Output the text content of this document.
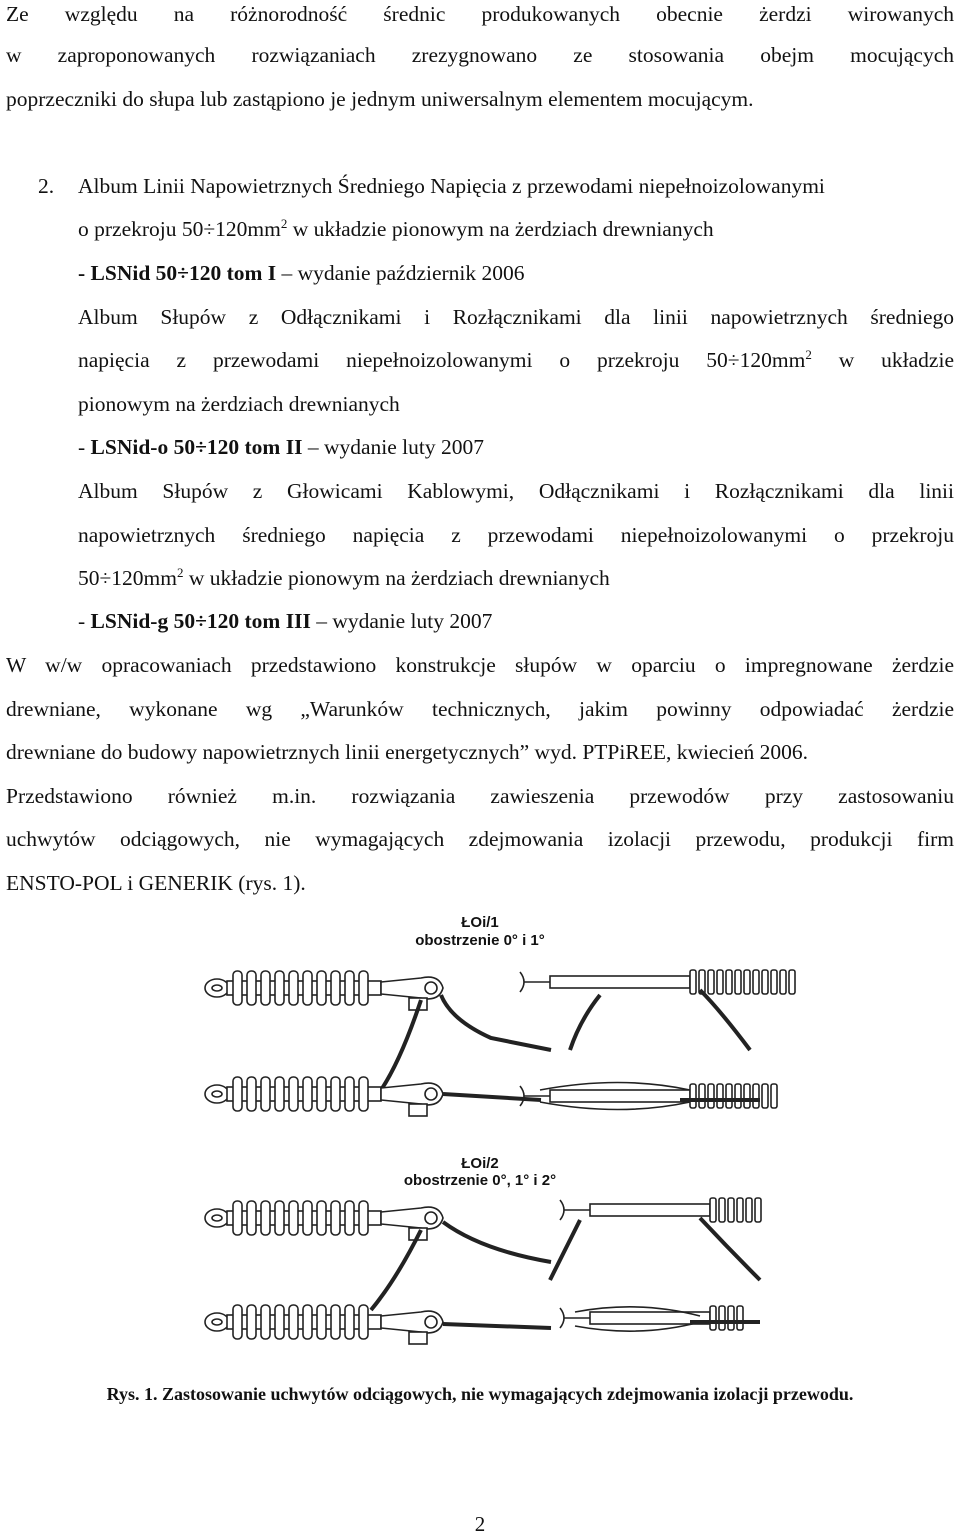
Ze względu na różnorodność średnic produkowanych obecnie żerdzi wirowanych
w zaproponowanych rozwiązaniach zrezygnowano ze stosowania obejm mocujących
poprzeczniki do słupa lub zastąpiono je jednym uniwersalnym elementem mocującym.
2.	Album Linii Napowietrznych Średniego Napięcia z przewodami niepełnoizolowanymi
o przekroju $50\div 120mm^2$ w układzie pionowym na żerdziach drewnianych
- LSNid 50÷120 tom I – wydanie październik 2006
Album Słupów z Odłącznikami i Rozłącznikami dla linii napowietrznych średniego
napięcia z przewodami niepełnoizolowanymi o przekroju $50\div 120mm^2$ w układzie
pionowym na żerdziach drewnianych
- LSNid-o 50÷120 tom II – wydanie luty 2007
Album Słupów z Głowicami Kablowymi, Odłącznikami i Rozłącznikami dla linii
napowietrznych średniego napięcia z przewodami niepełnoizolowanymi o przekroju
$50\div 120mm^2$ w układzie pionowym na żerdziach drewnianych
- LSNid-g 50÷120 tom III – wydanie luty 2007
W w/w opracowaniach przedstawiono konstrukcje słupów w oparciu o impregnowane żerdzie
drewniane, wykonane wg „Warunków technicznych, jakim powinny odpowiadać żerdzie
drewniane do budowy napowietrznych linii energetycznych” wyd. PTPiREE, kwiecień 2006.
Przedstawiono również m.in. rozwiązania zawieszenia przewodów przy zastosowaniu
uchwytów odciągowych, nie wymagających zdejmowania izolacji przewodu, produkcji firm
ENSTO-POL i GENERIK (rys. 1).
ŁOi/1
obostrzenie 0° i 1°
ŁOi/2
obostrzenie 0°, 1° i 2°
Rys. 1. Zastosowanie uchwytów odciągowych, nie wymagających zdejmowania izolacji przewodu.
2
